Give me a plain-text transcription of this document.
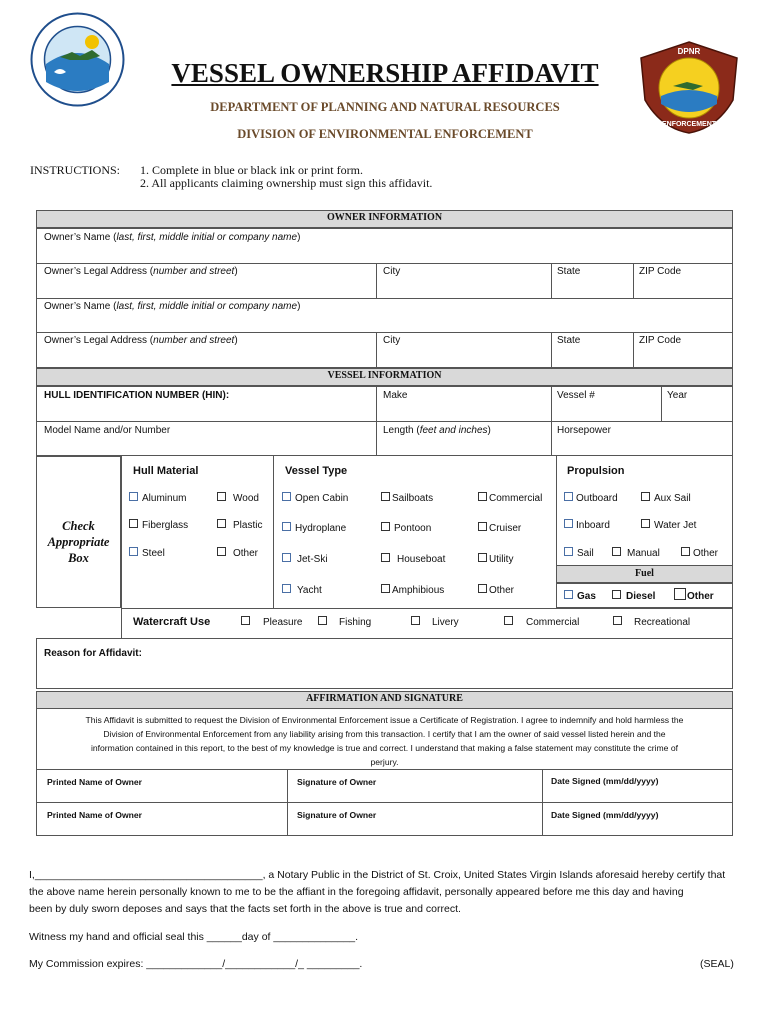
DPNR
ENFORCEMENT
VESSEL OWNERSHIP AFFIDAVIT
DEPARTMENT OF PLANNING AND NATURAL RESOURCES
DIVISION OF ENVIRONMENTAL ENFORCEMENT
INSTRUCTIONS: 1. Complete in blue or black ink or print form.
2. All applicants claiming ownership must sign this affidavit.
OWNER INFORMATION
Owner’s Name (last, first, middle initial or company name)
Owner’s Legal Address (number and street)	City	State	ZIP Code
Owner’s Name (last, first, middle initial or company name)
Owner’s Legal Address (number and street)	City	State	ZIP Code
VESSEL INFORMATION
HULL IDENTIFICATION NUMBER (HIN):	Make	Vessel #	Year
Model Name and/or Number	Length (feet and inches)	Horsepower
Check Appropriate Box
Hull Material	Vessel Type	Propulsion
Aluminum	Wood
Fiberglass	Plastic
Steel	Other
Open Cabin	Sailboats	Commercial
Hydroplane	Pontoon	Cruiser
Jet-Ski	Houseboat	Utility
Yacht	Amphibious	Other
Outboard	Aux Sail
Inboard	Water Jet
Sail	Manual	Other
Fuel
Gas	Diesel	Other
Watercraft Use	Pleasure	Fishing	Livery	Commercial	Recreational
Reason for Affidavit:
AFFIRMATION AND SIGNATURE
This Affidavit is submitted to request the Division of Environmental Enforcement issue a Certificate of Registration. I agree to indemnify and hold harmless the
Division of Environmental Enforcement from any liability arising from this transaction. I certify that I am the owner of said vessel listed herein and the
information contained in this report, to the best of my knowledge is true and correct. I understand that making a false statement may constitute the crime of
perjury.
Printed Name of Owner	Signature of Owner	Date Signed (mm/dd/yyyy)
Printed Name of Owner	Signature of Owner	Date Signed (mm/dd/yyyy)
I,_______________________________________, a Notary Public in the District of St. Croix, United States Virgin Islands aforesaid hereby certify that
the above name herein personally known to me to be the affiant in the foregoing affidavit, personally appeared before me this day and having
been by duly sworn deposes and says that the facts set forth in the above is true and correct.
Witness my hand and official seal this ______day of ______________.
My Commission expires: _____________/____________/_ _________.	(SEAL)
